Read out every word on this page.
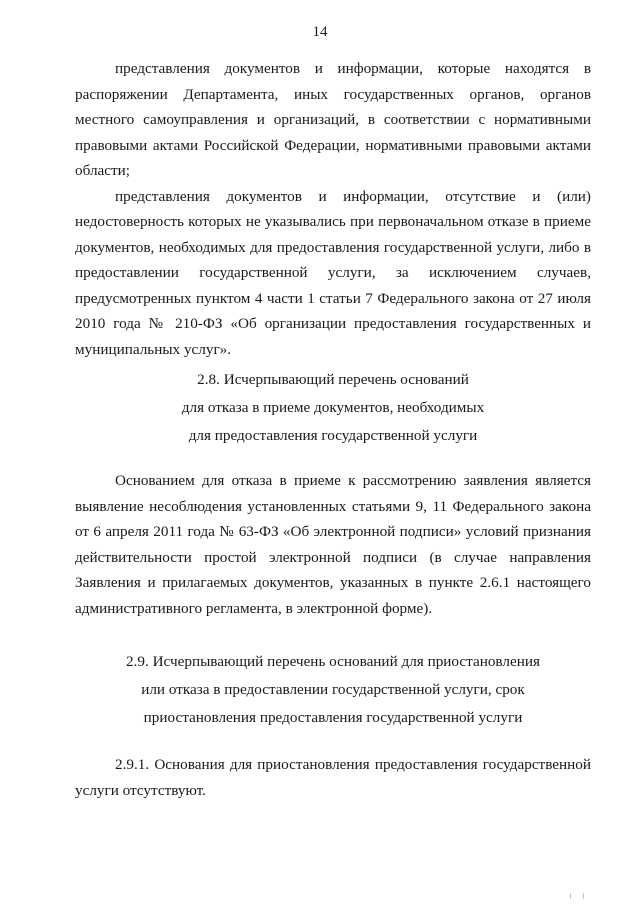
14

представления документов и информации, которые находятся в распоряжении Департамента, иных государственных органов, органов местного самоуправления и организаций, в соответствии с нормативными правовыми актами Российской Федерации, нормативными правовыми актами области;

представления документов и информации, отсутствие и (или) недостоверность которых не указывались при первоначальном отказе в приеме документов, необходимых для предоставления государственной услуги, либо в предоставлении государственной услуги, за исключением случаев, предусмотренных пунктом 4 части 1 статьи 7 Федерального закона от 27 июля 2010 года № 210-ФЗ «Об организации предоставления государственных и муниципальных услуг».

2.8. Исчерпывающий перечень оснований
для отказа в приеме документов, необходимых
для предоставления государственной услуги

Основанием для отказа в приеме к рассмотрению заявления является выявление несоблюдения установленных статьями 9, 11 Федерального закона от 6 апреля 2011 года № 63-ФЗ «Об электронной подписи» условий признания действительности простой электронной подписи (в случае направления Заявления и прилагаемых документов, указанных в пункте 2.6.1 настоящего административного регламента, в электронной форме).

2.9. Исчерпывающий перечень оснований для приостановления
или отказа в предоставлении государственной услуги, срок
приостановления предоставления государственной услуги

2.9.1. Основания для приостановления предоставления государственной услуги отсутствуют.
